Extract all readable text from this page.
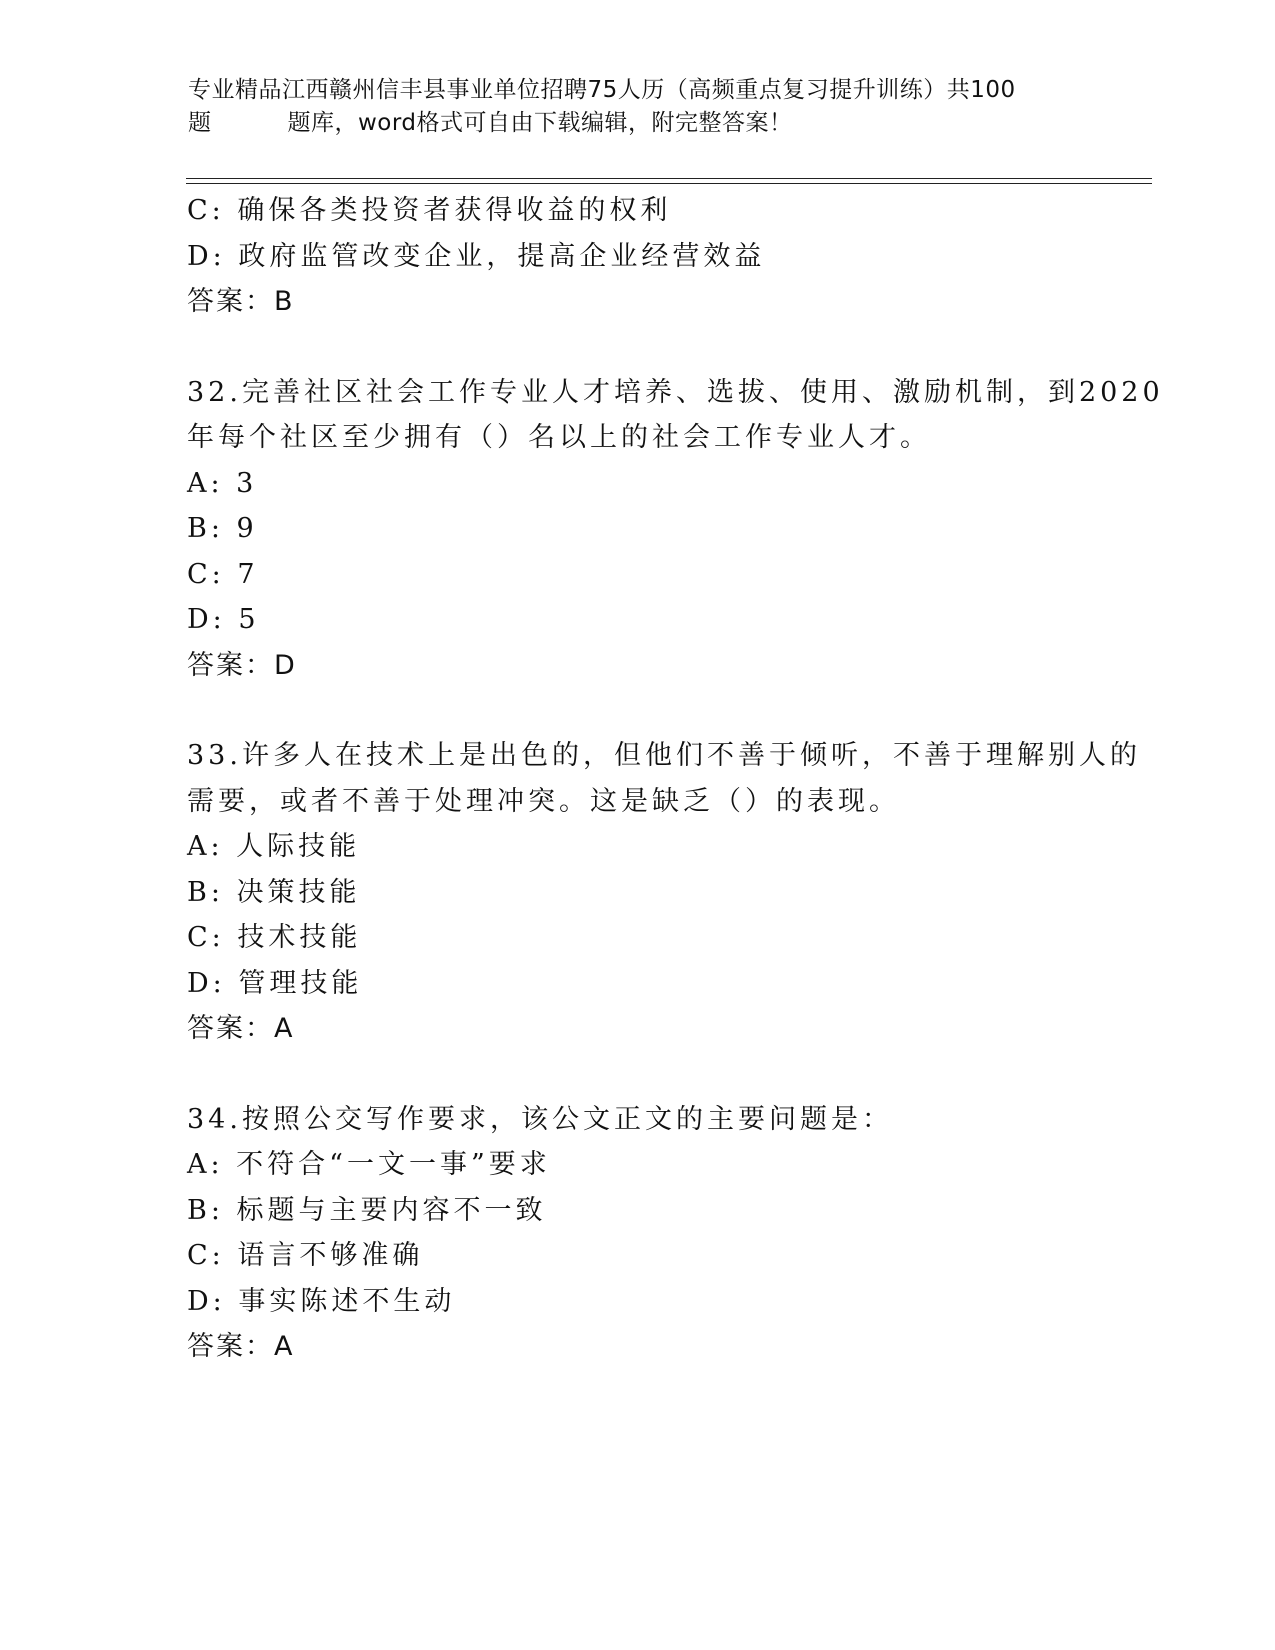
专业精品江西赣州信丰县事业单位招聘75人历（高频重点复习提升训练）共100
题	题库，word格式可自由下载编辑，附完整答案！
C: 确保各类投资者获得收益的权利
D: 政府监管改变企业，提高企业经营效益
答案：B
32.完善社区社会工作专业人才培养、选拔、使用、激励机制，到2020
年每个社区至少拥有（）名以上的社会工作专业人才。
A: 3
B: 9
C: 7
D: 5
答案：D
33.许多人在技术上是出色的，但他们不善于倾听，不善于理解别人的
需要，或者不善于处理冲突。这是缺乏（）的表现。
A: 人际技能
B: 决策技能
C: 技术技能
D: 管理技能
答案：A
34.按照公交写作要求，该公文正文的主要问题是：
A: 不符合“一文一事”要求
B: 标题与主要内容不一致
C: 语言不够准确
D: 事实陈述不生动
答案：A
